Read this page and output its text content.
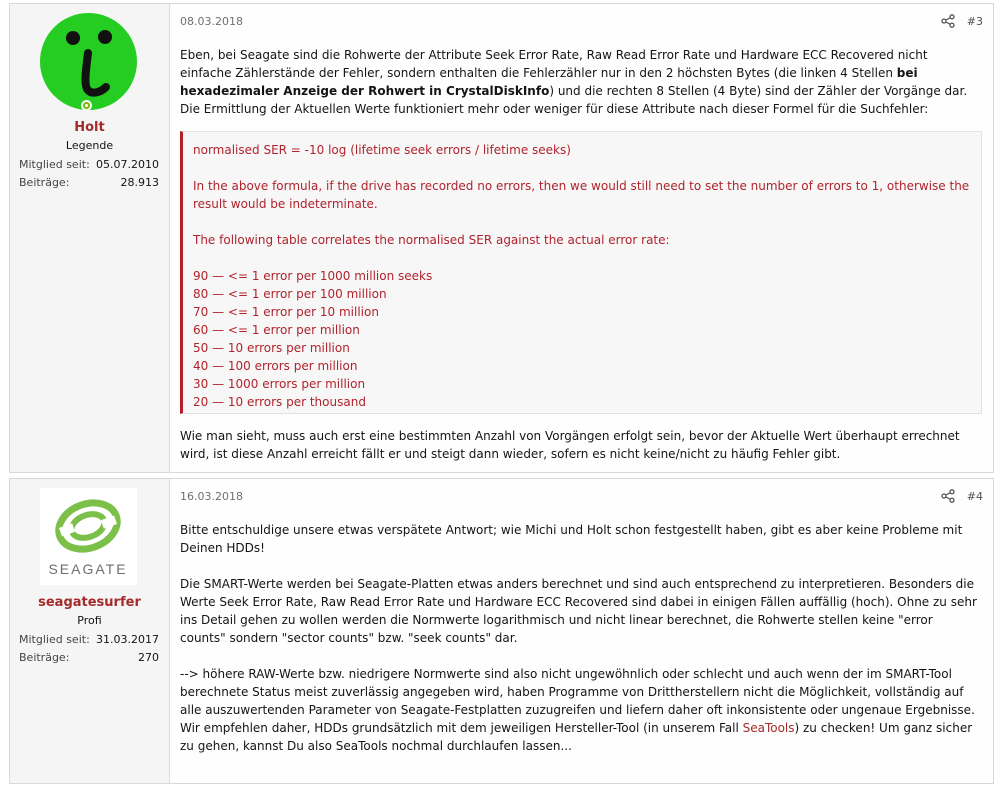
Holt
Legende
Mitglied seit: 05.07.2010
Beiträge:	28.913
08.03.2018	#3

Eben, bei Seagate sind die Rohwerte der Attribute Seek Error Rate, Raw Read Error Rate und Hardware ECC Recovered nicht einfache Zählerstände der Fehler, sondern enthalten die Fehlerzähler nur in den 2 höchsten Bytes (die linken 4 Stellen bei hexadezimaler Anzeige der Rohwert in CrystalDiskInfo) und die rechten 8 Stellen (4 Byte) sind der Zähler der Vorgänge dar. Die Ermittlung der Aktuellen Werte funktioniert mehr oder weniger für diese Attribute nach dieser Formel für die Suchfehler:

normalised SER = -10 log (lifetime seek errors / lifetime seeks)

In the above formula, if the drive has recorded no errors, then we would still need to set the number of errors to 1, otherwise the result would be indeterminate.

The following table correlates the normalised SER against the actual error rate:

90 — <= 1 error per 1000 million seeks

80 — <= 1 error per 100 million

70 — <= 1 error per 10 million

60 — <= 1 error per million

50 — 10 errors per million

40 — 100 errors per million

30 — 1000 errors per million

20 — 10 errors per thousand

Wie man sieht, muss auch erst eine bestimmten Anzahl von Vorgängen erfolgt sein, bevor der Aktuelle Wert überhaupt errechnet wird, ist diese Anzahl erreicht fällt er und steigt dann wieder, sofern es nicht keine/nicht zu häufig Fehler gibt.

SEAGATE
seagatesurfer
Profi
Mitglied seit: 31.03.2017
Beiträge:	270
16.03.2018	#4

Bitte entschuldige unsere etwas verspätete Antwort; wie Michi und Holt schon festgestellt haben, gibt es aber keine Probleme mit Deinen HDDs!

Die SMART-Werte werden bei Seagate-Platten etwas anders berechnet und sind auch entsprechend zu interpretieren. Besonders die Werte Seek Error Rate, Raw Read Error Rate und Hardware ECC Recovered sind dabei in einigen Fällen auffällig (hoch). Ohne zu sehr ins Detail gehen zu wollen werden die Normwerte logarithmisch und nicht linear berechnet, die Rohwerte stellen keine "error counts" sondern "sector counts" bzw. "seek counts" dar.

--> höhere RAW-Werte bzw. niedrigere Normwerte sind also nicht ungewöhnlich oder schlecht und auch wenn der im SMART-Tool berechnete Status meist zuverlässig angegeben wird, haben Programme von Drittherstellern nicht die Möglichkeit, vollständig auf alle auszuwertenden Parameter von Seagate-Festplatten zuzugreifen und liefern daher oft inkonsistente oder ungenaue Ergebnisse. Wir empfehlen daher, HDDs grundsätzlich mit dem jeweiligen Hersteller-Tool (in unserem Fall SeaTools) zu checken! Um ganz sicher zu gehen, kannst Du also SeaTools nochmal durchlaufen lassen...
